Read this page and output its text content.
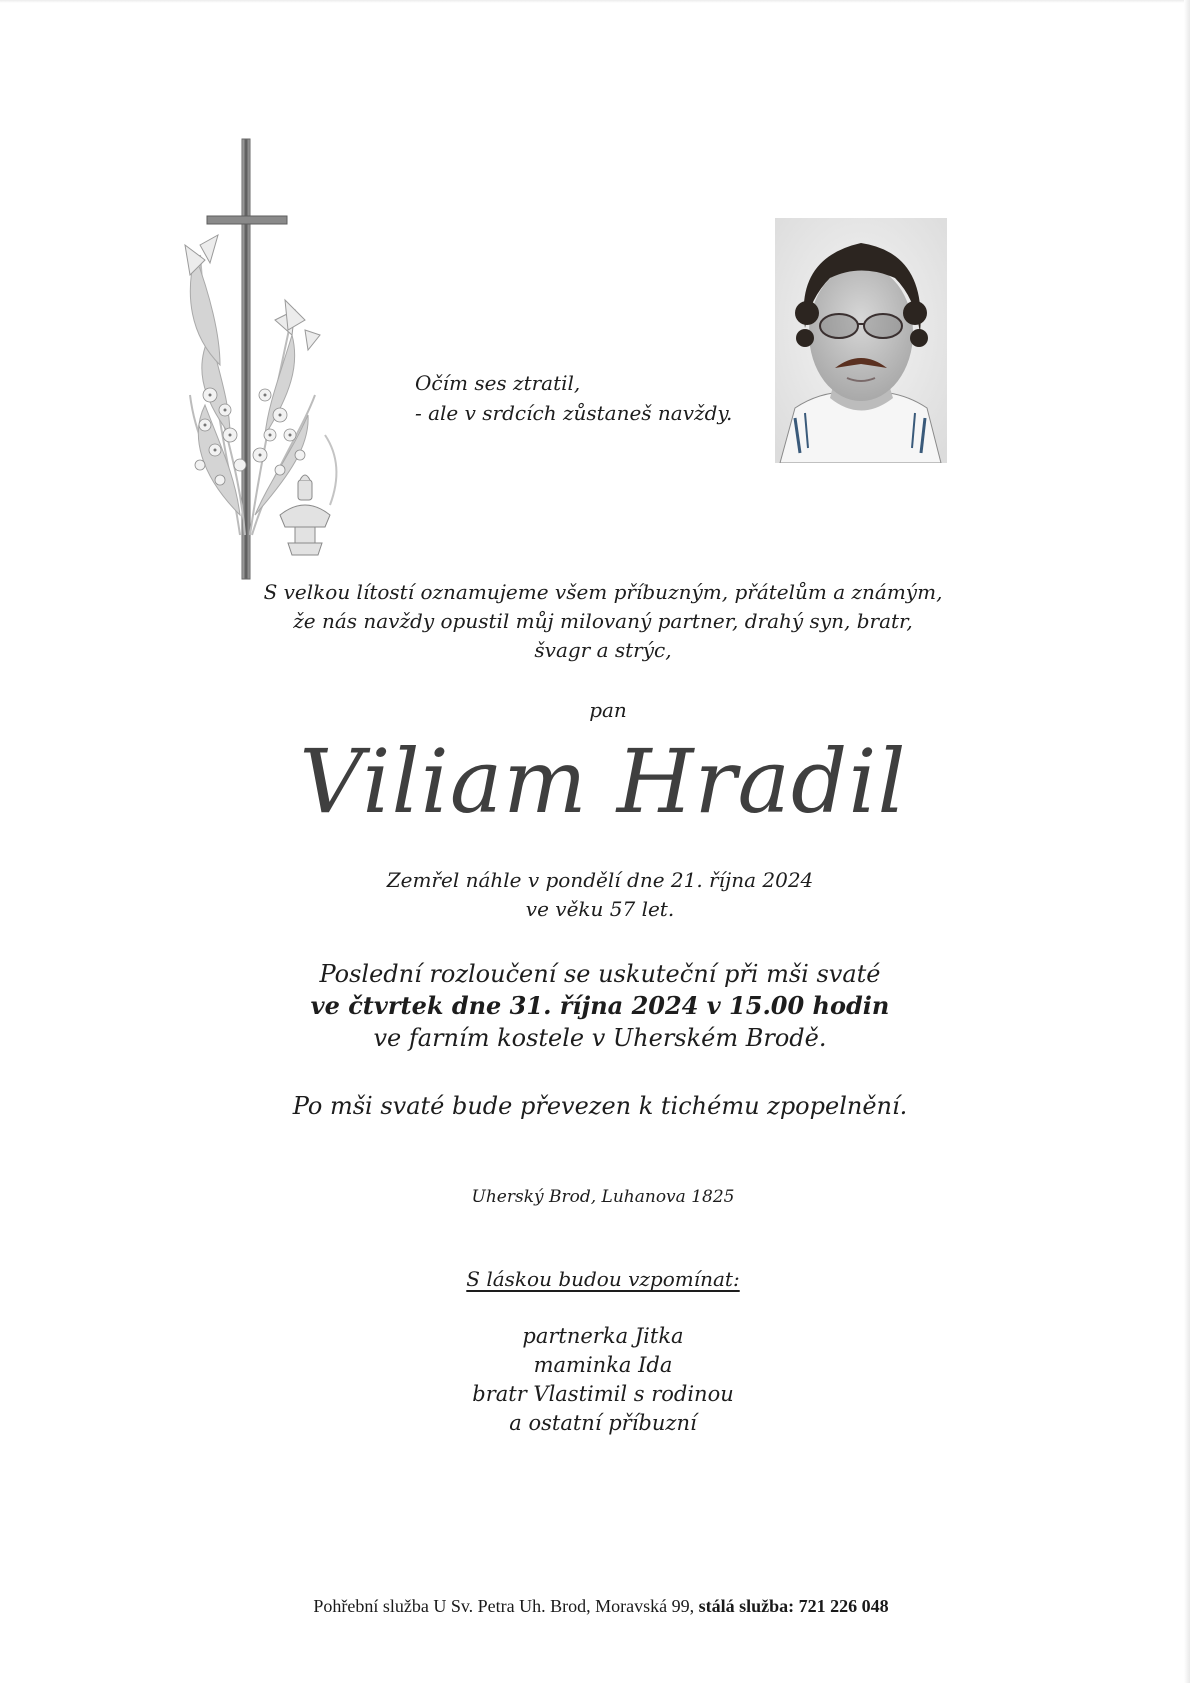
Očím ses ztratil,
- ale v srdcích zůstaneš navždy.
S velkou lítostí oznamujeme všem příbuzným, přátelům a známým,
že nás navždy opustil můj milovaný partner, drahý syn, bratr,
švagr a strýc,
pan
Viliam Hradil
Zemřel náhle v pondělí dne 21. října 2024
ve věku 57 let.
Poslední rozloučení se uskuteční při mši svaté
ve čtvrtek dne 31. října 2024 v 15.00 hodin
ve farním kostele v Uherském Brodě.
Po mši svaté bude převezen k tichému zpopelnění.
Uherský Brod, Luhanova 1825
S láskou budou vzpomínat:
partnerka Jitka
maminka Ida
bratr Vlastimil s rodinou
a ostatní příbuzní
Pohřební služba U Sv. Petra Uh. Brod, Moravská 99, stálá služba: 721 226 048
